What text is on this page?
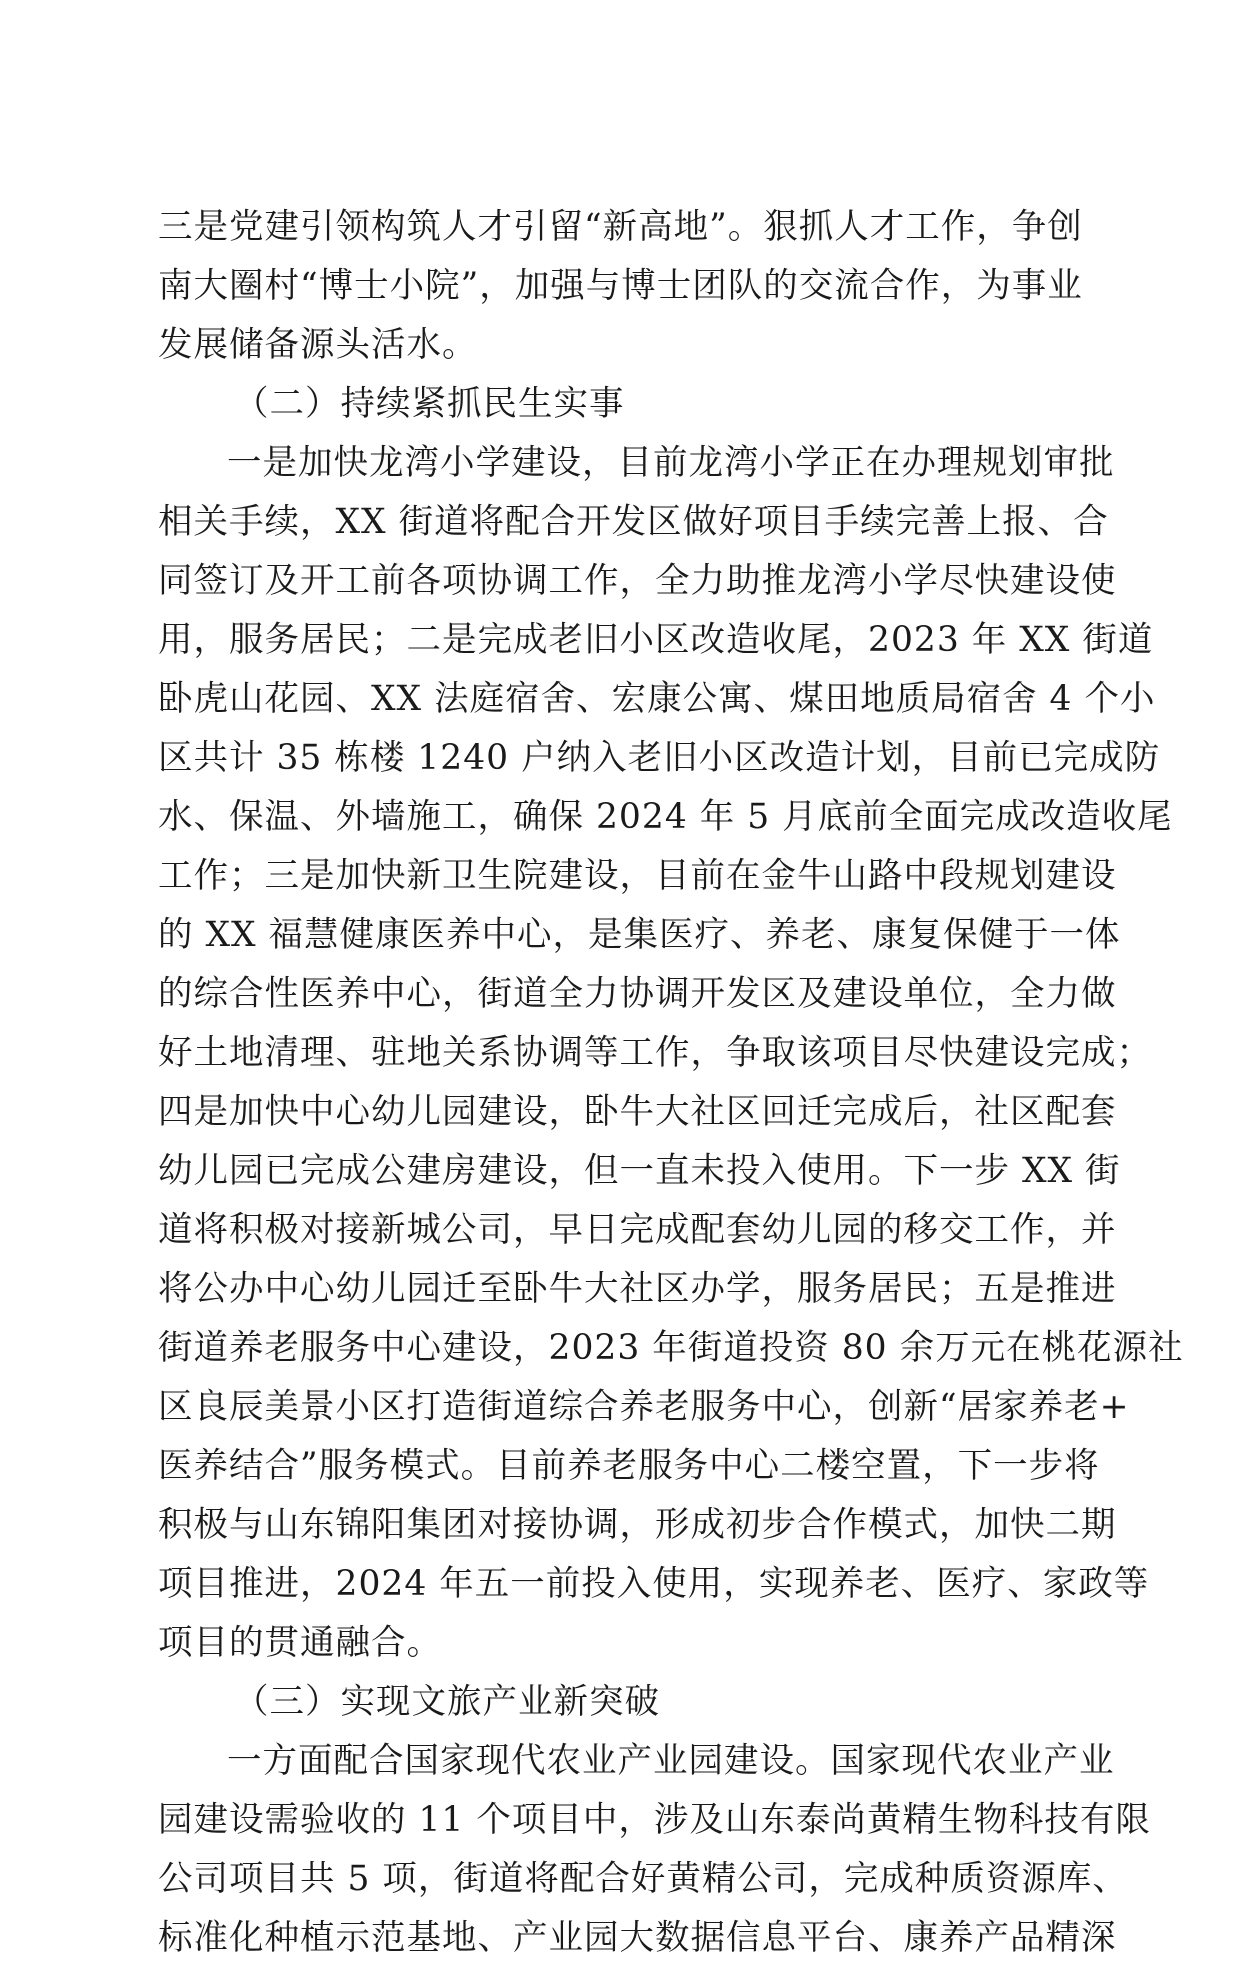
三是党建引领构筑人才引留“新高地”。狠抓人才工作，争创
南大圈村“博士小院”，加强与博士团队的交流合作，为事业
发展储备源头活水。
（二）持续紧抓民生实事
一是加快龙湾小学建设，目前龙湾小学正在办理规划审批
相关手续，XX 街道将配合开发区做好项目手续完善上报、合
同签订及开工前各项协调工作，全力助推龙湾小学尽快建设使
用，服务居民；二是完成老旧小区改造收尾，2023 年 XX 街道
卧虎山花园、XX 法庭宿舍、宏康公寓、煤田地质局宿舍 4 个小
区共计 35 栋楼 1240 户纳入老旧小区改造计划，目前已完成防
水、保温、外墙施工，确保 2024 年 5 月底前全面完成改造收尾
工作；三是加快新卫生院建设，目前在金牛山路中段规划建设
的 XX 福慧健康医养中心，是集医疗、养老、康复保健于一体
的综合性医养中心，街道全力协调开发区及建设单位，全力做
好土地清理、驻地关系协调等工作，争取该项目尽快建设完成；
四是加快中心幼儿园建设，卧牛大社区回迁完成后，社区配套
幼儿园已完成公建房建设，但一直未投入使用。下一步 XX 街
道将积极对接新城公司，早日完成配套幼儿园的移交工作，并
将公办中心幼儿园迁至卧牛大社区办学，服务居民；五是推进
街道养老服务中心建设，2023 年街道投资 80 余万元在桃花源社
区良辰美景小区打造街道综合养老服务中心，创新“居家养老+
医养结合”服务模式。目前养老服务中心二楼空置，下一步将
积极与山东锦阳集团对接协调，形成初步合作模式，加快二期
项目推进，2024 年五一前投入使用，实现养老、医疗、家政等
项目的贯通融合。
（三）实现文旅产业新突破
一方面配合国家现代农业产业园建设。国家现代农业产业
园建设需验收的 11 个项目中，涉及山东泰尚黄精生物科技有限
公司项目共 5 项，街道将配合好黄精公司，完成种质资源库、
标准化种植示范基地、产业园大数据信息平台、康养产品精深
